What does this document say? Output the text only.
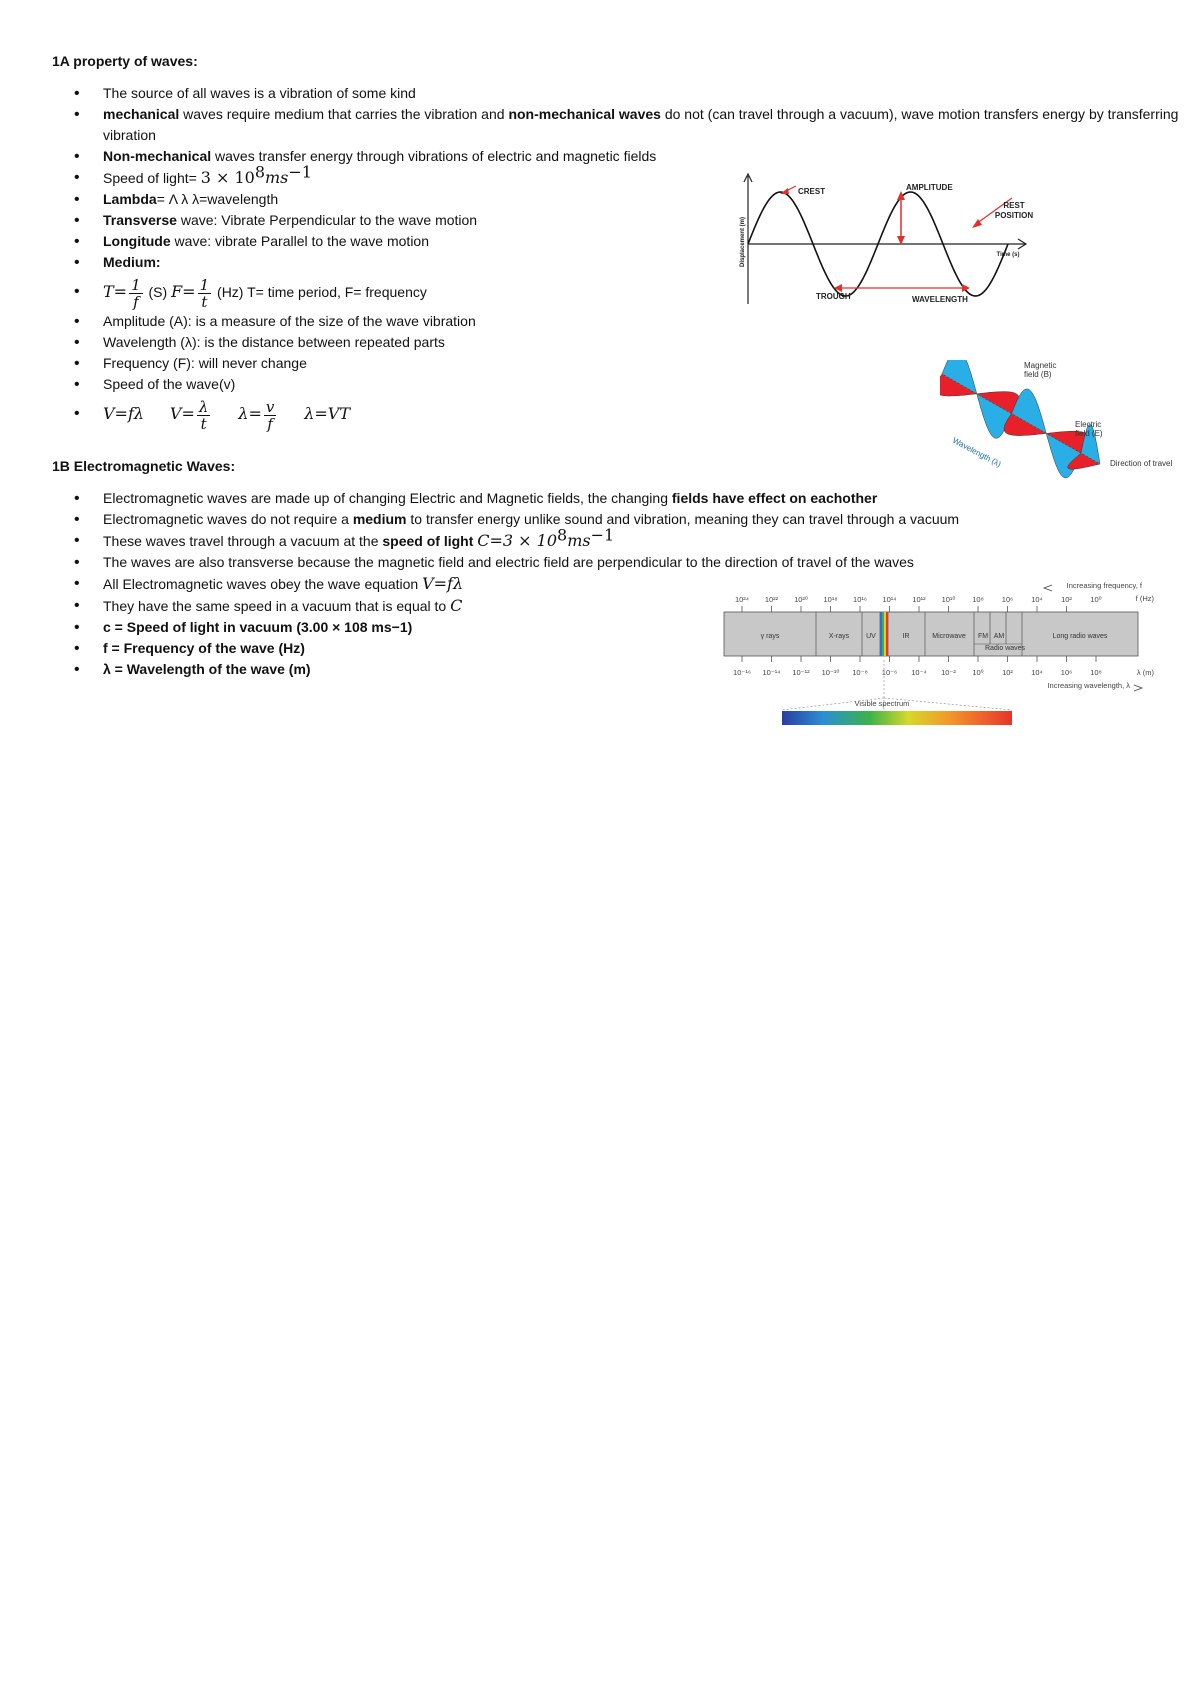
1A property of waves:
• The source of all waves is a vibration of some kind
• mechanical waves require medium that carries the vibration and non-mechanical waves do not (can travel through a vacuum), wave motion transfers energy by transferring vibration
• Non-mechanical waves transfer energy through vibrations of electric and magnetic fields
• Speed of light= $3 \times 10^8ms^{-1}$
• Lambda= Λ λ λ=wavelength
• Transverse wave: Vibrate Perpendicular to the wave motion
• Longitude wave: vibrate Parallel to the wave motion
• Medium:
• $T= \frac{1}{f} (S)$ $F= \frac{1}{t} (Hz)$ T= time period, F= frequency
• Amplitude (A): is a measure of the size of the wave vibration
• Wavelength (λ): is the distance between repeated parts
• Frequency (F): will never change
• Speed of the wave(v)
• V=fλ $V= \frac{\lambda}{t} \lambda= \frac{v}{f} \lambda=VT$
1B Electromagnetic Waves:
• Electromagnetic waves are made up of changing Electric and Magnetic fields, the changing fields have effect on eachother
• Electromagnetic waves do not require a medium to transfer energy unlike sound and vibration, meaning they can travel through a vacuum
• These waves travel through a vacuum at the speed of light $C=3 \times 10^8ms^{-1}$
• The waves are also transverse because the magnetic field and electric field are perpendicular to the direction of travel of the waves
• All Electromagnetic waves obey the wave equation V=fλ
• They have the same speed in a vacuum that is equal to C
• c = Speed of light in vacuum (3.00 × 108 ms−1)
• f = Frequency of the wave (Hz)
• λ = Wavelength of the wave (m)
Displacement (m)	Time (s)
CREST	AMPLITUDE
REST
POSITION
TROUGH	WAVELENGTH
Magnetic
field (B)
Electric
field (E)
Direction of travel
Wavelength (λ)
Increasing frequency, f
10²⁴ 10²² 10²⁰ 10¹⁸ 10¹⁶ 10¹⁴ 10¹² 10¹⁰ 10⁸ 10⁶ 10⁴ 10² 10⁰	f (Hz)
γ rays	X-rays UV	IR	Microwave FM AM	Long radio waves
Radio waves
10⁻¹⁶ 10⁻¹⁴ 10⁻¹² 10⁻¹⁰ 10⁻⁸ 10⁻⁶ 10⁻⁴ 10⁻² 10⁰ 10² 10⁴ 10⁶ 10⁸	λ (m)
Increasing wavelength, λ
Visible spectrum
